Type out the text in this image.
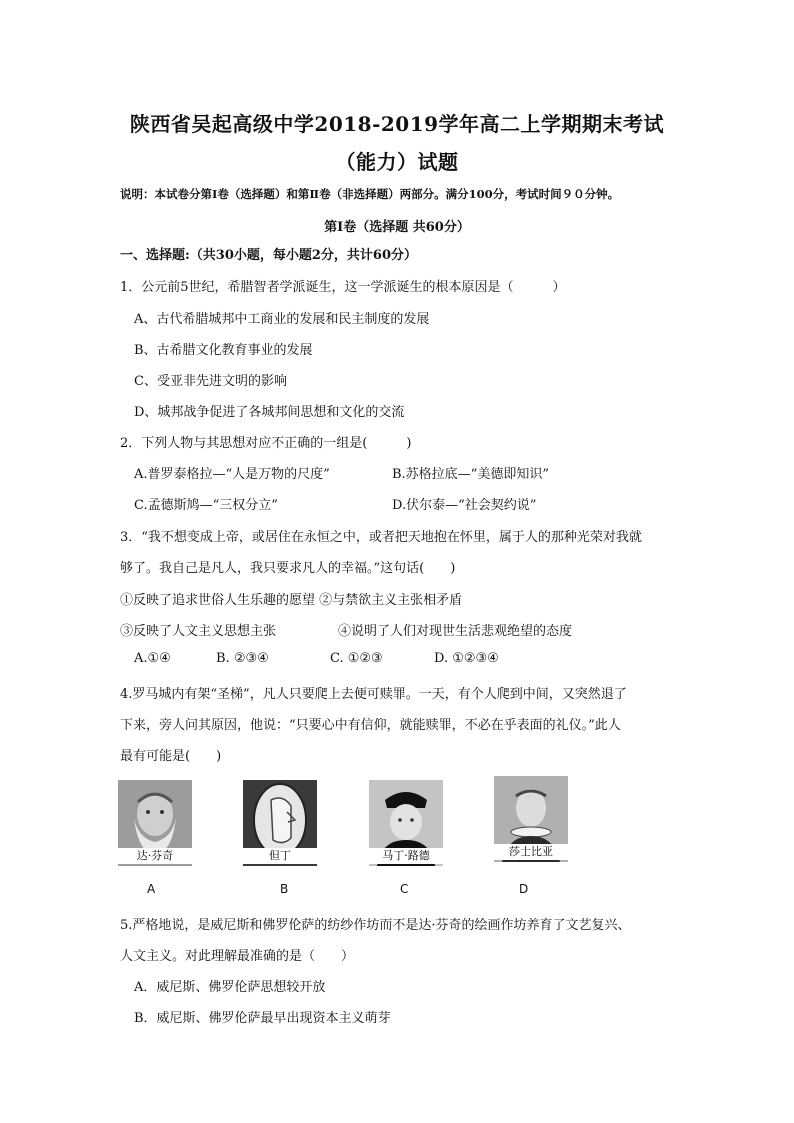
陕西省吴起高级中学2018-2019学年高二上学期期末考试
（能力）试题
说明：本试卷分第Ⅰ卷（选择题）和第Ⅱ卷（非选择题）两部分。满分100分，考试时间９０分钟。
第Ⅰ卷（选择题 共60分）
一、选择题:（共30小题，每小题2分，共计60分）
1．公元前5世纪，希腊智者学派诞生，这一学派诞生的根本原因是（　　　）
A、古代希腊城邦中工商业的发展和民主制度的发展
B、古希腊文化教育事业的发展
C、受亚非先进文明的影响
D、城邦战争促进了各城邦间思想和文化的交流
2．下列人物与其思想对应不正确的一组是(　　　)
A.普罗泰格拉—“人是万物的尺度”	B.苏格拉底—“美德即知识”
C.孟德斯鸠—“三权分立”	D.伏尔泰—“社会契约说”
3．“我不想变成上帝，或居住在永恒之中，或者把天地抱在怀里，属于人的那种光荣对我就
够了。我自己是凡人，我只要求凡人的幸福。”这句话(　　)
①反映了追求世俗人生乐趣的愿望 ②与禁欲主义主张相矛盾
③反映了人文主义思想主张	④说明了人们对现世生活悲观绝望的态度
A.①④	B. ②③④	C. ①②③	D. ①②③④
4.罗马城内有架“圣梯”，凡人只要爬上去便可赎罪。一天，有个人爬到中间，又突然退了
下来，旁人问其原因，他说：“只要心中有信仰，就能赎罪，不必在乎表面的礼仪。”此人
最有可能是(　　)
达·芬奇
A
但丁
B
马丁·路德
C
莎士比亚
D
5.严格地说，是威尼斯和佛罗伦萨的纺纱作坊而不是达·芬奇的绘画作坊养育了文艺复兴、
人文主义。对此理解最准确的是（　　）
A．威尼斯、佛罗伦萨思想较开放
B．威尼斯、佛罗伦萨最早出现资本主义萌芽
